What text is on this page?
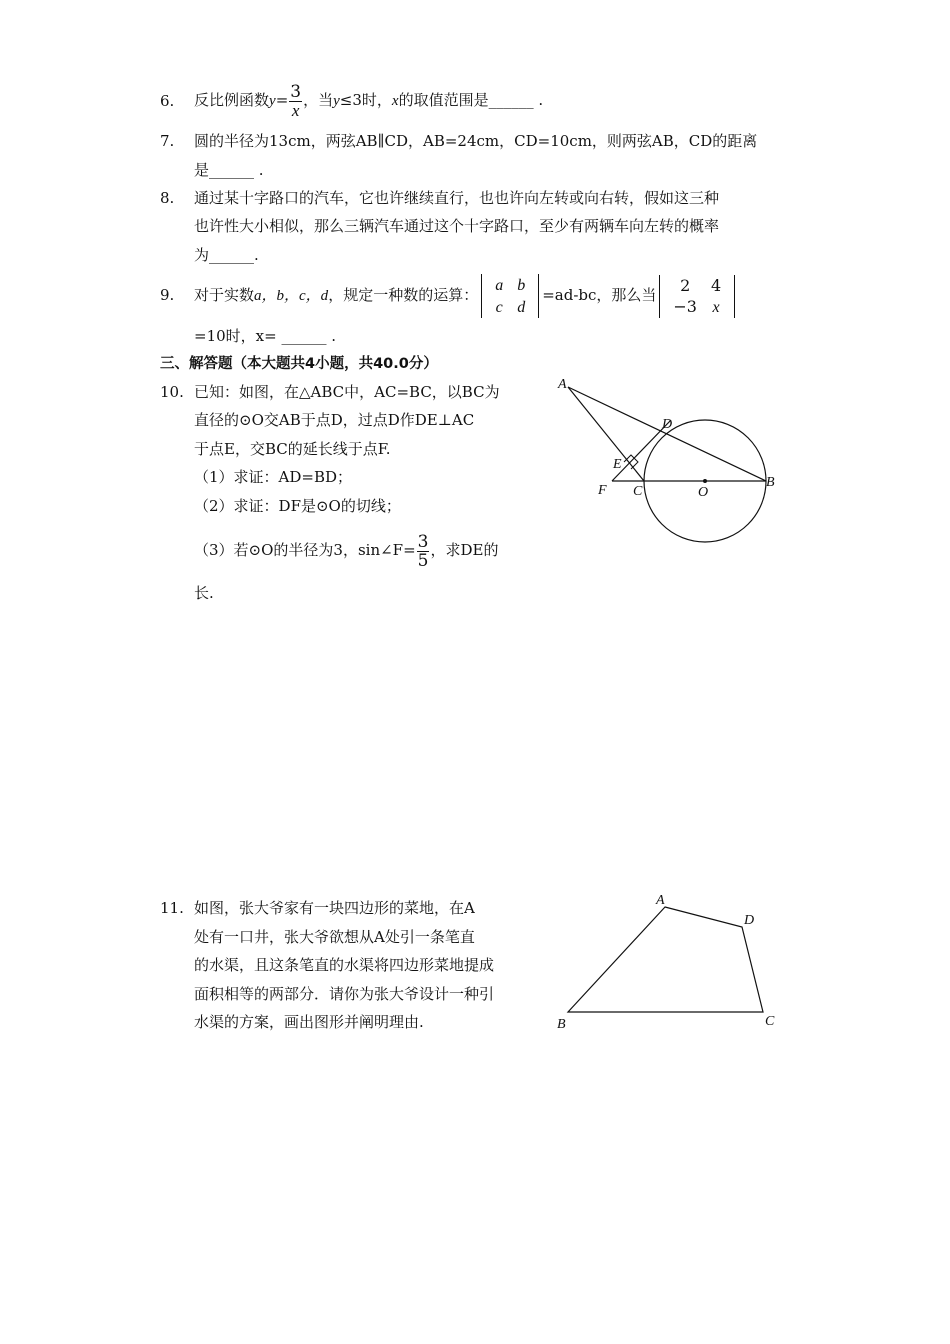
6. 反比例函数$y= \frac{3}{x}$ ，当y≤3时，x的取值范围是______ .
7. 圆的半径为13cm，两弦AB∥CD，AB=24cm，CD=10cm，则两弦AB，CD的距离
是______ .
8. 通过某十字路口的汽车，它也许继续直行，也也许向左转或向右转，假如这三种
也许性大小相似，那么三辆汽车通过这个十字路口，至少有两辆车向左转的概率
为______.
9. 对于实数a，b，c，d，规定一种数的运算：
a	b
c	d
=ad-bc，那么当
2	4
−3	x
=10时，x= ______ .
三、解答题（本大题共4小题，共40.0分）
10. 已知：如图，在△ABC中，AC=BC，以BC为
直径的⊙O交AB于点D，过点D作DE⊥AC
于点E，交BC的延长线于点F.
（1）求证：AD=BD；
（2）求证：DF是⊙O的切线；
（3）若⊙O的半径为3，sin∠F= $\frac{3}{5}$ ，求DE的
长.
A
D
E
F C	O
B
11. 如图，张大爷家有一块四边形的菜地，在A
处有一口井，张大爷欲想从A处引一条笔直
的水渠，且这条笔直的水渠将四边形菜地提成
面积相等的两部分．请你为张大爷设计一种引
水渠的方案，画出图形并阐明理由.
A
D
B	C
